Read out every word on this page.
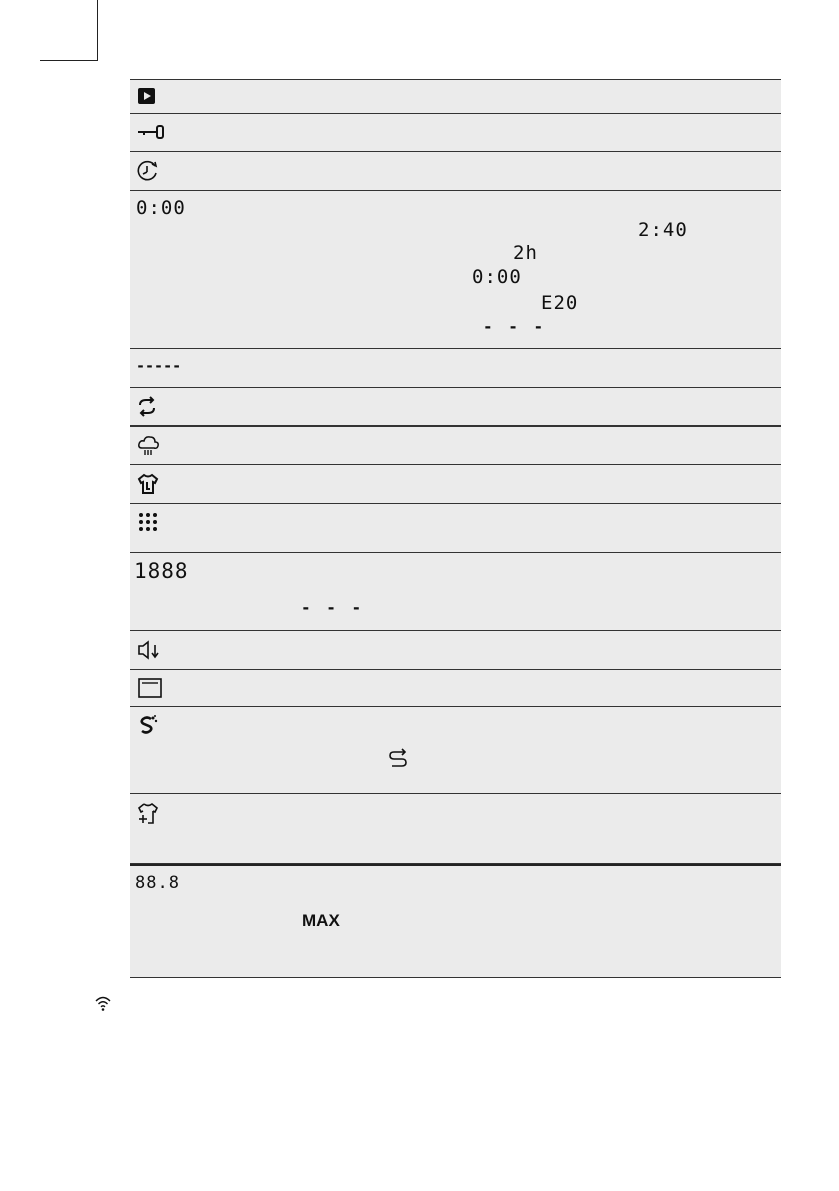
0:00
2:40
2h
0:00
E20
- - -
-----
1888
- - -
88.8
MAX
